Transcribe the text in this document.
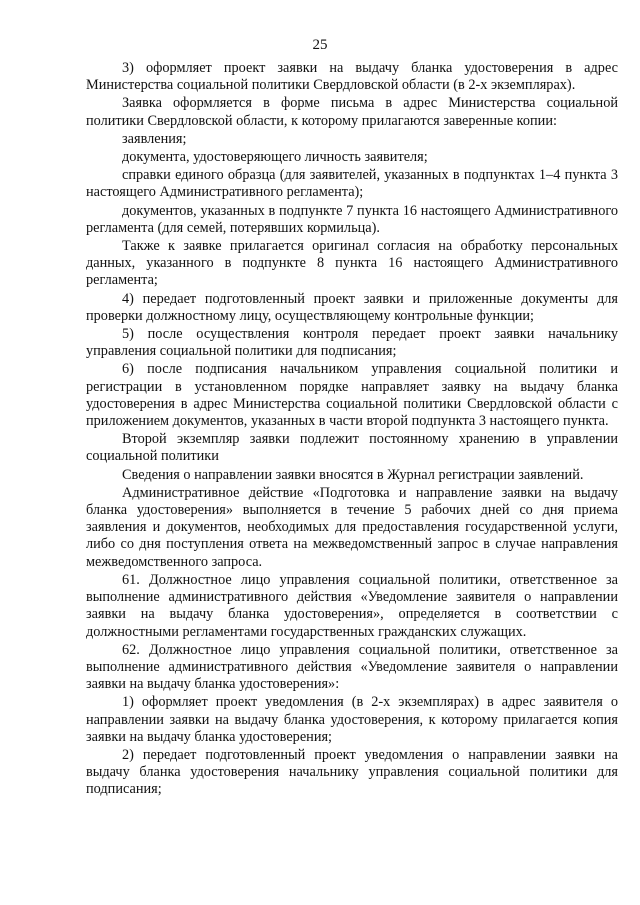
25

3) оформляет проект заявки на выдачу бланка удостоверения в адрес Министерства социальной политики Свердловской области (в 2-х экземплярах).

Заявка оформляется в форме письма в адрес Министерства социальной политики Свердловской области, к которому прилагаются заверенные копии:

заявления;

документа, удостоверяющего личность заявителя;

справки единого образца (для заявителей, указанных в подпунктах 1–4 пункта 3 настоящего Административного регламента);

документов, указанных в подпункте 7 пункта 16 настоящего Административного регламента (для семей, потерявших кормильца).

Также к заявке прилагается оригинал согласия на обработку персональных данных, указанного в подпункте 8 пункта 16 настоящего Административного регламента;

4) передает подготовленный проект заявки и приложенные документы для проверки должностному лицу, осуществляющему контрольные функции;

5) после осуществления контроля передает проект заявки начальнику управления социальной политики для подписания;

6) после подписания начальником управления социальной политики и регистрации в установленном порядке направляет заявку на выдачу бланка удостоверения в адрес Министерства социальной политики Свердловской области с приложением документов, указанных в части второй подпункта 3 настоящего пункта.

Второй экземпляр заявки подлежит постоянному хранению в управлении социальной политики

Сведения о направлении заявки вносятся в Журнал регистрации заявлений.

Административное действие «Подготовка и направление заявки на выдачу бланка удостоверения» выполняется в течение 5 рабочих дней со дня приема заявления и документов, необходимых для предоставления государственной услуги, либо со дня поступления ответа на межведомственный запрос в случае направления межведомственного запроса.

61. Должностное лицо управления социальной политики, ответственное за выполнение административного действия «Уведомление заявителя о направлении заявки на выдачу бланка удостоверения», определяется в соответствии с должностными регламентами государственных гражданских служащих.

62. Должностное лицо управления социальной политики, ответственное за выполнение административного действия «Уведомление заявителя о направлении заявки на выдачу бланка удостоверения»:

1) оформляет проект уведомления (в 2-х экземплярах) в адрес заявителя о направлении заявки на выдачу бланка удостоверения, к которому прилагается копия заявки на выдачу бланка удостоверения;

2) передает подготовленный проект уведомления о направлении заявки на выдачу бланка удостоверения начальнику управления социальной политики для подписания;
